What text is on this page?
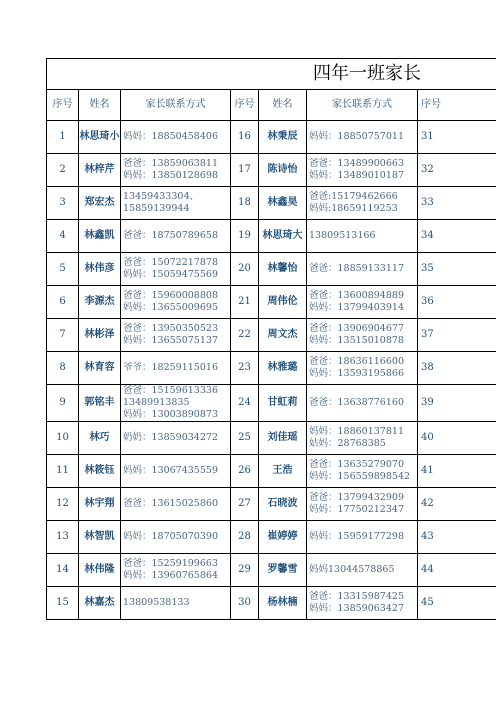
四年一班家长						

序号	姓名	家长联系方式	序号	姓名	家长联系方式	序号
1	林思琦小	妈妈：18850458406	16	林秉辰	妈妈：18850757011	31
2	林梓芹	爸爸：13859063811
妈妈：13850128698	17	陈诗怡	爸爸：13489900663
妈妈：13489010187	32
3	郑宏杰	13459433304、
15859139944	18	林鑫昊	爸爸:15179462666
妈妈:18659119253	33
4	林鑫凯	爸爸：18750789658	19	林思琦大	13809513166	34
5	林伟彦	爸爸：15072217878
妈妈：15059475569	20	林馨怡	爸爸：18859133117	35
6	李源杰	爸爸：15960008808
妈妈：13655009695	21	周伟伦	爸爸：13600894889
妈妈：13799403914	36
7	林彬泽	爸爸：13950350523
妈妈：13655075137	22	周文杰	爸爸：13906904677
妈妈：13515010878	37
8	林育容	爷爷：18259115016	23	林雅璐	爸爸：18636116600
妈妈：13593195866	38
9	郭铭丰	爸爸：15159613336
13489913835
妈妈：13003890873	24	甘虹莉	爸爸：13638776160	39
10	林巧	奶奶：13859034272	25	刘佳瑶	妈妈：18860137811
姑妈：28768385	40
11	林筱钰	妈妈：13067435559	26	王浩	爸爸：13635279070
妈妈：156559898542	41
12	林宇翔	爸爸：13615025860	27	石晓波	爸爸：13799432909
妈妈：17750212347	42
13	林智凯	妈妈：18705070390	28	崔婷婷	妈妈：15959177298	43
14	林伟隆	爸爸：15259199663
妈妈：13960765864	29	罗馨雪	妈妈13044578865	44
15	林嘉杰	13809538133	30	杨林楠	爸爸：13315987425
妈妈：13859063427	45
